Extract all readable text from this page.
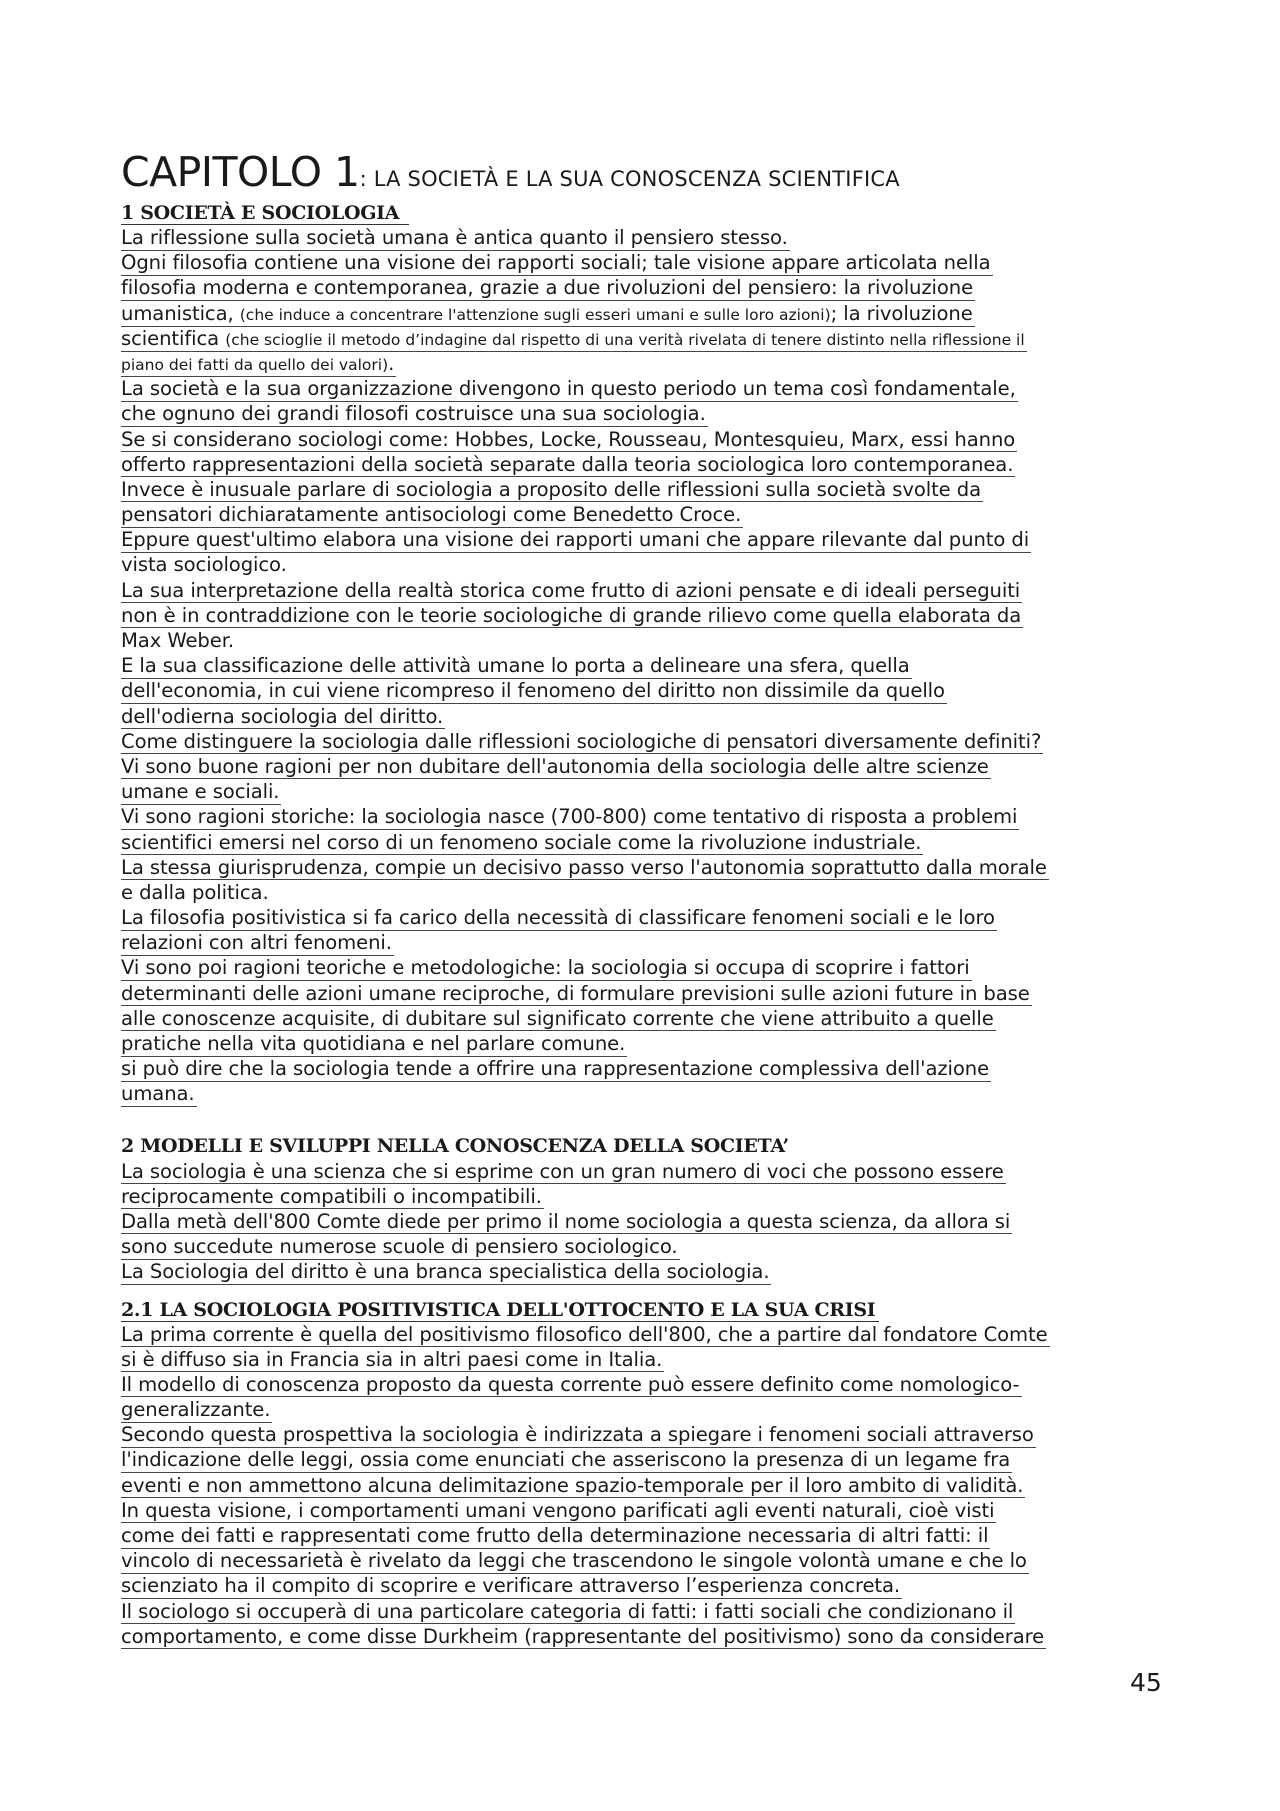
CAPITOLO 1: LA SOCIETÀ E LA SUA CONOSCENZA SCIENTIFICA
1 SOCIETÀ E SOCIOLOGIA
La riflessione sulla società umana è antica quanto il pensiero stesso.
Ogni filosofia contiene una visione dei rapporti sociali; tale visione appare articolata nella
filosofia moderna e contemporanea, grazie a due rivoluzioni del pensiero: la rivoluzione
umanistica, (che induce a concentrare l'attenzione sugli esseri umani e sulle loro azioni); la rivoluzione
scientifica (che scioglie il metodo d’indagine dal rispetto di una verità rivelata di tenere distinto nella riflessione il
piano dei fatti da quello dei valori).
La società e la sua organizzazione divengono in questo periodo un tema così fondamentale,
che ognuno dei grandi filosofi costruisce una sua sociologia.
Se si considerano sociologi come: Hobbes, Locke, Rousseau, Montesquieu, Marx, essi hanno
offerto rappresentazioni della società separate dalla teoria sociologica loro contemporanea.
Invece è inusuale parlare di sociologia a proposito delle riflessioni sulla società svolte da
pensatori dichiaratamente antisociologi come Benedetto Croce.
Eppure quest'ultimo elabora una visione dei rapporti umani che appare rilevante dal punto di
vista sociologico.
La sua interpretazione della realtà storica come frutto di azioni pensate e di ideali perseguiti
non è in contraddizione con le teorie sociologiche di grande rilievo come quella elaborata da
Max Weber.
E la sua classificazione delle attività umane lo porta a delineare una sfera, quella
dell'economia, in cui viene ricompreso il fenomeno del diritto non dissimile da quello
dell'odierna sociologia del diritto.
Come distinguere la sociologia dalle riflessioni sociologiche di pensatori diversamente definiti?
Vi sono buone ragioni per non dubitare dell'autonomia della sociologia delle altre scienze
umane e sociali.
Vi sono ragioni storiche: la sociologia nasce (700-800) come tentativo di risposta a problemi
scientifici emersi nel corso di un fenomeno sociale come la rivoluzione industriale.
La stessa giurisprudenza, compie un decisivo passo verso l'autonomia soprattutto dalla morale
e dalla politica.
La filosofia positivistica si fa carico della necessità di classificare fenomeni sociali e le loro
relazioni con altri fenomeni.
Vi sono poi ragioni teoriche e metodologiche: la sociologia si occupa di scoprire i fattori
determinanti delle azioni umane reciproche, di formulare previsioni sulle azioni future in base
alle conoscenze acquisite, di dubitare sul significato corrente che viene attribuito a quelle
pratiche nella vita quotidiana e nel parlare comune.
si può dire che la sociologia tende a offrire una rappresentazione complessiva dell'azione
umana.
2 MODELLI E SVILUPPI NELLA CONOSCENZA DELLA SOCIETA’
La sociologia è una scienza che si esprime con un gran numero di voci che possono essere
reciprocamente compatibili o incompatibili.
Dalla metà dell'800 Comte diede per primo il nome sociologia a questa scienza, da allora si
sono succedute numerose scuole di pensiero sociologico.
La Sociologia del diritto è una branca specialistica della sociologia.
2.1 LA SOCIOLOGIA POSITIVISTICA DELL'OTTOCENTO E LA SUA CRISI
La prima corrente è quella del positivismo filosofico dell'800, che a partire dal fondatore Comte
si è diffuso sia in Francia sia in altri paesi come in Italia.
Il modello di conoscenza proposto da questa corrente può essere definito come nomologico-
generalizzante.
Secondo questa prospettiva la sociologia è indirizzata a spiegare i fenomeni sociali attraverso
l'indicazione delle leggi, ossia come enunciati che asseriscono la presenza di un legame fra
eventi e non ammettono alcuna delimitazione spazio-temporale per il loro ambito di validità.
In questa visione, i comportamenti umani vengono parificati agli eventi naturali, cioè visti
come dei fatti e rappresentati come frutto della determinazione necessaria di altri fatti: il
vincolo di necessarietà è rivelato da leggi che trascendono le singole volontà umane e che lo
scienziato ha il compito di scoprire e verificare attraverso l’esperienza concreta.
Il sociologo si occuperà di una particolare categoria di fatti: i fatti sociali che condizionano il
comportamento, e come disse Durkheim (rappresentante del positivismo) sono da considerare
45
